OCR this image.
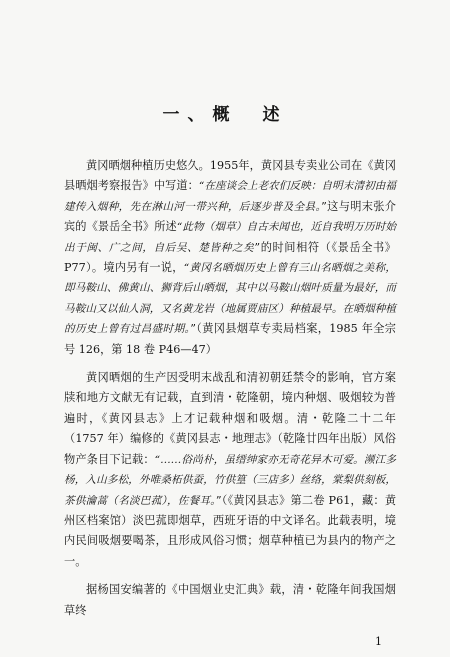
一、概　述

黄冈晒烟种植历史悠久。1955年，黄冈县专卖业公司在《黄冈县晒烟考察报告》中写道：“在座谈会上老农们反映：自明末清初由福建传入烟种，先在淋山河一带兴种，后逐步普及全县。”这与明末张介宾的《景岳全书》所述“此物（烟草）自古未闻也，近自我明万历时始出于闽、广之间，自后吴、楚皆种之矣”的时间相符（《景岳全书》P77）。境内另有一说，“黄冈名晒烟历史上曾有三山名晒烟之美称，即马鞍山、佛黄山、狮背后山晒烟，其中以马鞍山烟叶质量为最好，而马鞍山又以仙人洞，又名黄龙岩（地属贾庙区）种植最早。在晒烟种植的历史上曾有过昌盛时期。”（黄冈县烟草专卖局档案，1985 年全宗号 126，第 18 卷 P46—47）

黄冈晒烟的生产因受明末战乱和清初朝廷禁令的影响，官方案牍和地方文献无有记载，直到清・乾隆朝，境内种烟、吸烟较为普遍时，《黄冈县志》上才记载种烟和吸烟。清・乾隆二十二年（1757 年）编修的《黄冈县志・地理志》（乾隆廿四年出版）风俗物产条目下记载：“……俗尚朴，虽缙绅家亦无奇花异木可爱。濒江多杨，入山多松，外唯桑柘供蚕，竹供篁（三店多）丝络，棠梨供刻板，茶供瀹蒿（名淡巴菰），佐餐耳。”（《黄冈县志》第二卷 P61，藏：黄州区档案馆）淡巴菰即烟草，西班牙语的中文译名。此载表明，境内民间吸烟要喝茶，且形成风俗习惯；烟草种植已为县内的物产之一。

据杨国安编著的《中国烟业史汇典》载，清・乾隆年间我国烟草终

1
